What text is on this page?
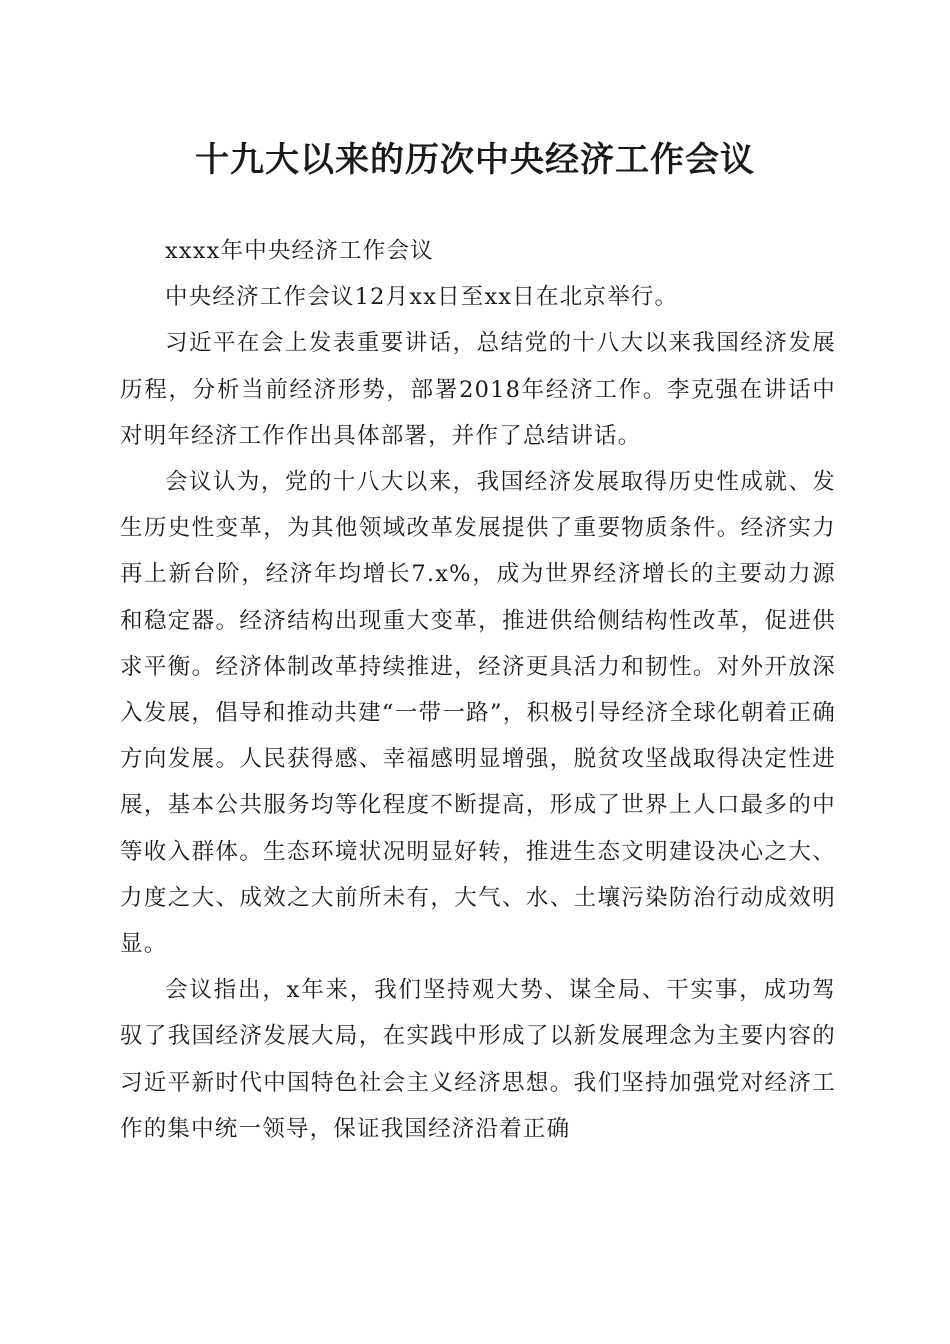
十九大以来的历次中央经济工作会议

xxxx年中央经济工作会议

中央经济工作会议12月xx日至xx日在北京举行。

习近平在会上发表重要讲话，总结党的十八大以来我国经济发展历程，分析当前经济形势，部署2018年经济工作。李克强在讲话中对明年经济工作作出具体部署，并作了总结讲话。

会议认为，党的十八大以来，我国经济发展取得历史性成就、发生历史性变革，为其他领域改革发展提供了重要物质条件。经济实力再上新台阶，经济年均增长7.x%，成为世界经济增长的主要动力源和稳定器。经济结构出现重大变革，推进供给侧结构性改革，促进供求平衡。经济体制改革持续推进，经济更具活力和韧性。对外开放深入发展，倡导和推动共建“一带一路”，积极引导经济全球化朝着正确方向发展。人民获得感、幸福感明显增强，脱贫攻坚战取得决定性进展，基本公共服务均等化程度不断提高，形成了世界上人口最多的中等收入群体。生态环境状况明显好转，推进生态文明建设决心之大、力度之大、成效之大前所未有，大气、水、土壤污染防治行动成效明显。

会议指出，x年来，我们坚持观大势、谋全局、干实事，成功驾驭了我国经济发展大局，在实践中形成了以新发展理念为主要内容的习近平新时代中国特色社会主义经济思想。我们坚持加强党对经济工作的集中统一领导，保证我国经济沿着正确
